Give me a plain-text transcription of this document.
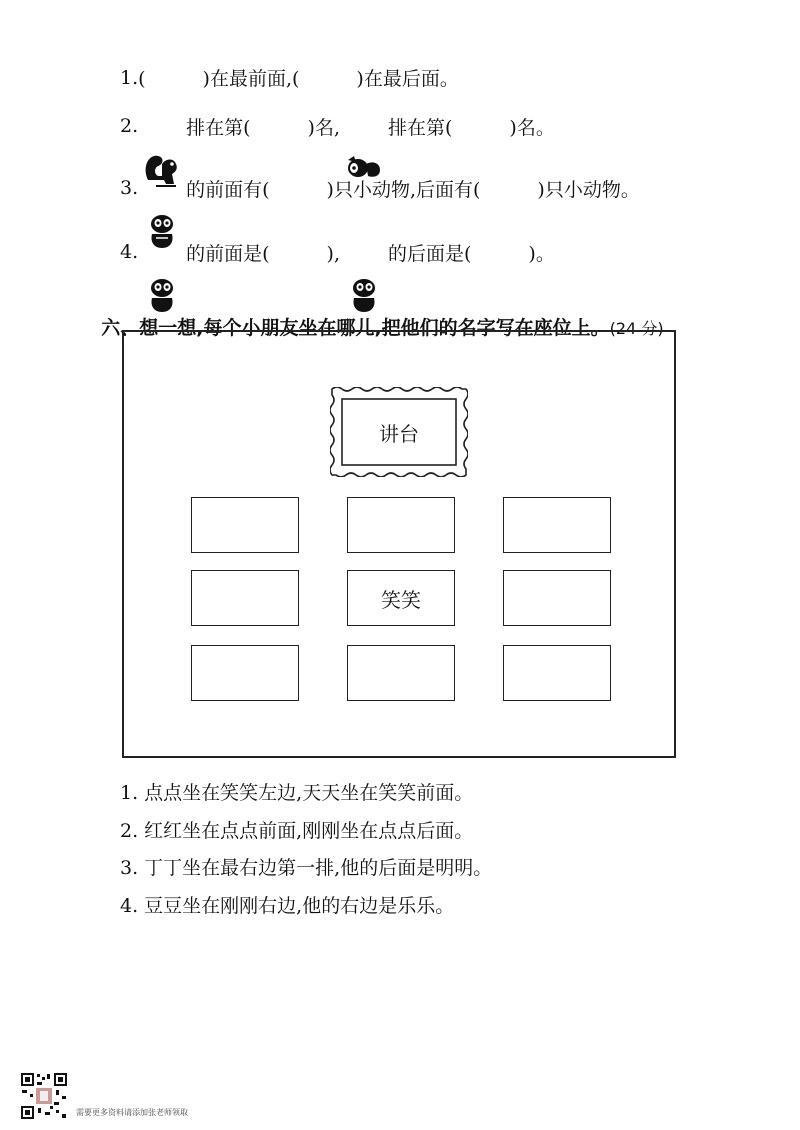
1. (　　　)在最前面, (　　　)在最后面。
2.

	排在第(　　　)名,

	排在第(　　　)名。
3.

	的前面有(　　　)只小动物,后面有(　　　)只小动物。
4.

	的前面是(　　　),

	的后面是(　　　)。

六、想一想,每个小朋友坐在哪儿,把他们的名字写在座位上。(24 分)

讲台
笑笑
1. 点点坐在笑笑左边,天天坐在笑笑前面。
2. 红红坐在点点前面,刚刚坐在点点后面。
3. 丁丁坐在最右边第一排,他的后面是明明。
4. 豆豆坐在刚刚右边,他的右边是乐乐。
需要更多资料请添加张老师领取
